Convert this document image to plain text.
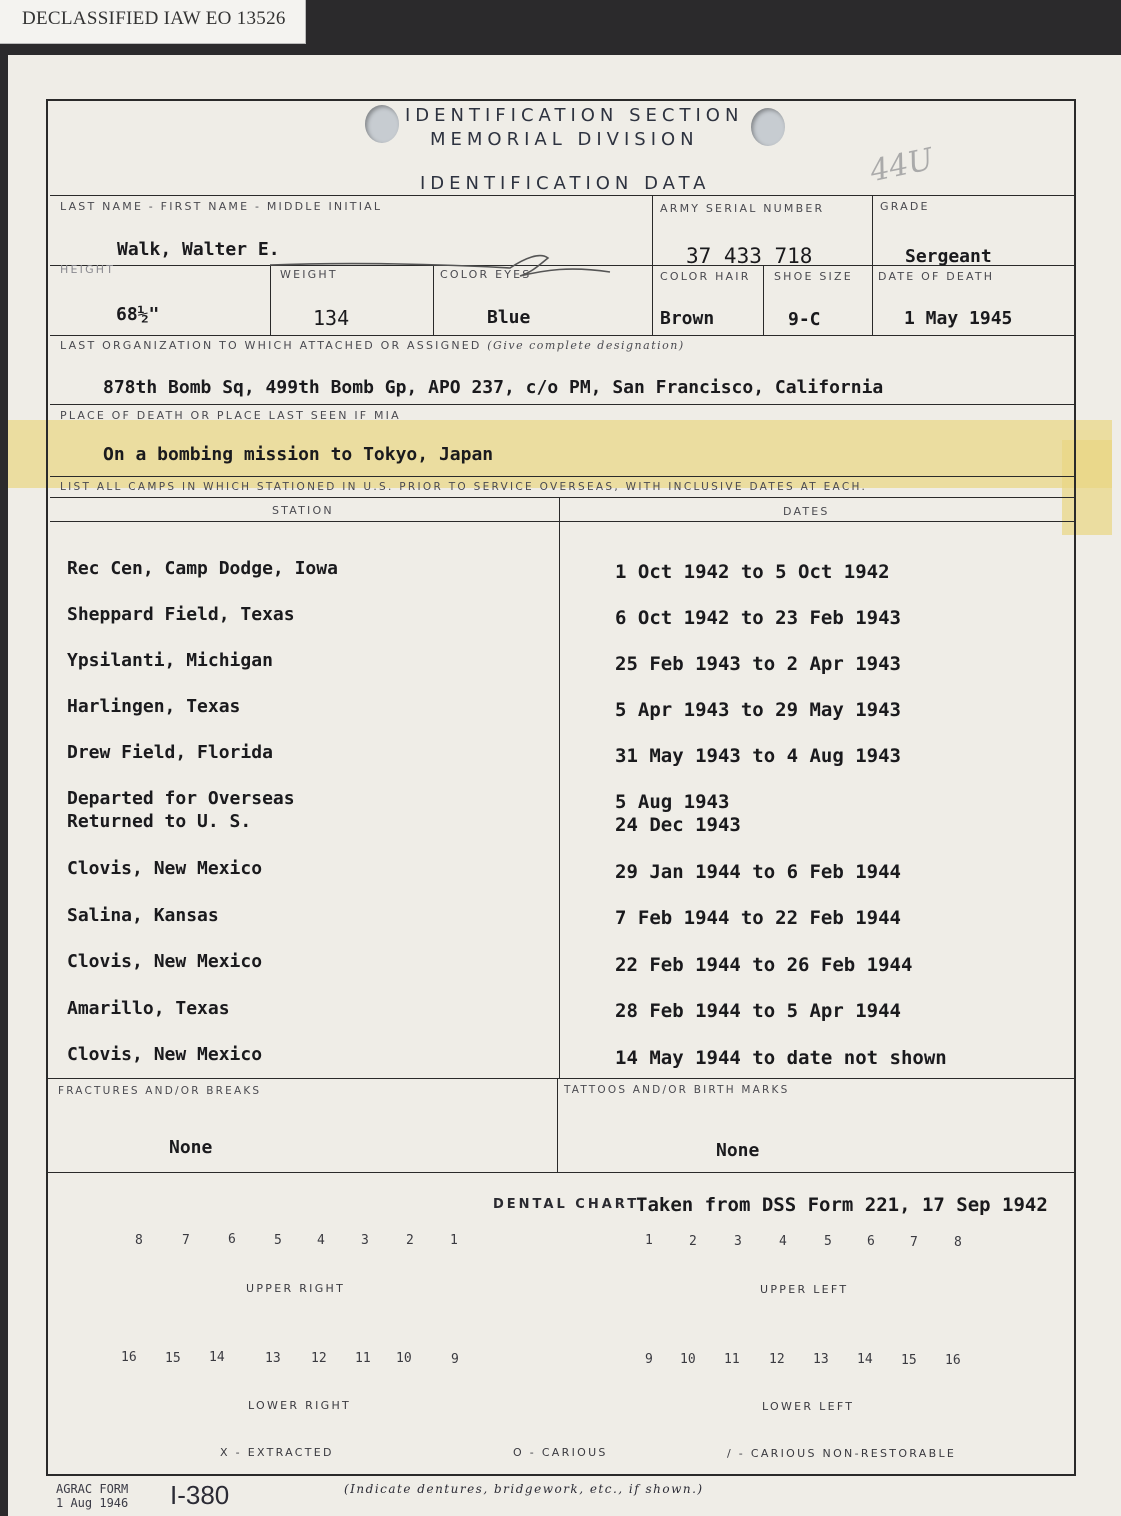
DECLASSIFIED IAW EO 13526
IDENTIFICATION SECTION
MEMORIAL DIVISION
IDENTIFICATION DATA	44U
LAST NAME - FIRST NAME - MIDDLE INITIAL
Walk, Walter E.
ARMY SERIAL NUMBER
37 433 718
GRADE
Sergeant
HEIGHT
68½"
WEIGHT
134
COLOR EYES
Blue
COLOR HAIR
Brown
SHOE SIZE
9-C
DATE OF DEATH
1 May 1945
LAST ORGANIZATION TO WHICH ATTACHED OR ASSIGNED (Give complete designation)
878th Bomb Sq, 499th Bomb Gp, APO 237, c/o PM, San Francisco, California
PLACE OF DEATH OR PLACE LAST SEEN IF MIA
On a bombing mission to Tokyo, Japan
LIST ALL CAMPS IN WHICH STATIONED IN U.S. PRIOR TO SERVICE OVERSEAS, WITH INCLUSIVE DATES AT EACH.
STATION	DATES
Rec Cen, Camp Dodge, Iowa	1 Oct 1942 to 5 Oct 1942
Sheppard Field, Texas	6 Oct 1942 to 23 Feb 1943
Ypsilanti, Michigan	25 Feb 1943 to 2 Apr 1943
Harlingen, Texas	5 Apr 1943 to 29 May 1943
Drew Field, Florida	31 May 1943 to 4 Aug 1943
Departed for Overseas	5 Aug 1943
Returned to U. S.	24 Dec 1943
Clovis, New Mexico	29 Jan 1944 to 6 Feb 1944
Salina, Kansas	7 Feb 1944 to 22 Feb 1944
Clovis, New Mexico	22 Feb 1944 to 26 Feb 1944
Amarillo, Texas	28 Feb 1944 to 5 Apr 1944
Clovis, New Mexico	14 May 1944 to date not shown
FRACTURES AND/OR BREAKS
None
TATTOOS AND/OR BIRTH MARKS
None
DENTAL CHART
Taken from DSS Form 221, 17 Sep 1942
8	7	6	5	4	3	2	1	1	2	3	4	5	6	7	8
UPPER RIGHT	UPPER LEFT
16 15 14	13 12 11 10	9	9 10 11 12 13 14 15 16
LOWER RIGHT	LOWER LEFT
X - EXTRACTED	O - CARIOUS	/ - CARIOUS NON-RESTORABLE
AGRAC FORM
1 Aug 1946 I-380	(Indicate dentures, bridgework, etc., if shown.)
